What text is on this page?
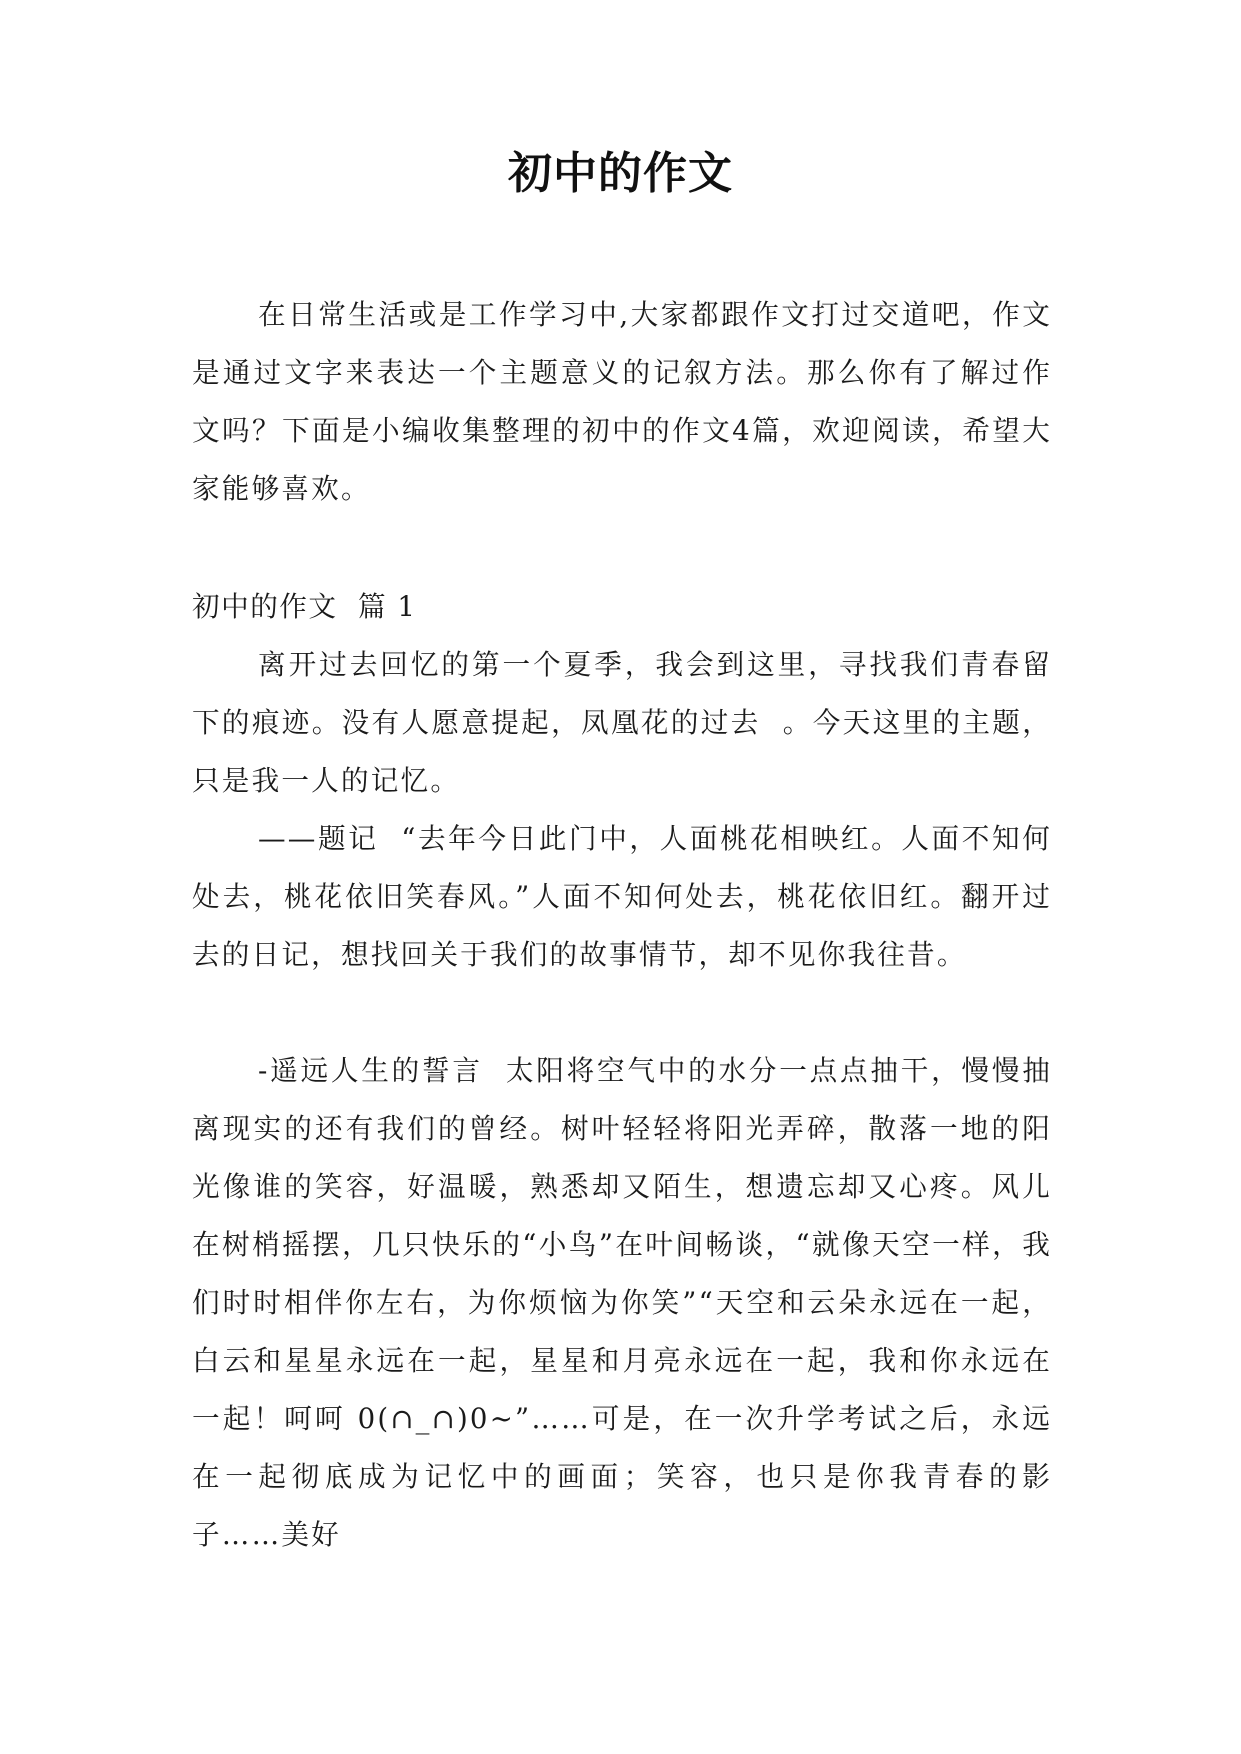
初中的作文

在日常生活或是工作学习中,大家都跟作文打过交道吧，作文是通过文字来表达一个主题意义的记叙方法。那么你有了解过作文吗？下面是小编收集整理的初中的作文4篇，欢迎阅读，希望大家能够喜欢。

初中的作文  篇 1

离开过去回忆的第一个夏季，我会到这里，寻找我们青春留下的痕迹。没有人愿意提起，凤凰花的过去  。今天这里的主题，只是我一人的记忆。

——题记  “去年今日此门中，人面桃花相映红。人面不知何处去，桃花依旧笑春风。”人面不知何处去，桃花依旧红。翻开过去的日记，想找回关于我们的故事情节，却不见你我往昔。

-遥远人生的誓言  太阳将空气中的水分一点点抽干，慢慢抽离现实的还有我们的曾经。树叶轻轻将阳光弄碎，散落一地的阳光像谁的笑容，好温暖，熟悉却又陌生，想遗忘却又心疼。风儿在树梢摇摆，几只快乐的“小鸟”在叶间畅谈，“就像天空一样，我们时时相伴你左右，为你烦恼为你笑”“天空和云朵永远在一起，白云和星星永远在一起，星星和月亮永远在一起，我和你永远在一起！呵呵 0(∩_∩)0~”……可是，在一次升学考试之后，永远在一起彻底成为记忆中的画面；笑容，也只是你我青春的影子……美好
